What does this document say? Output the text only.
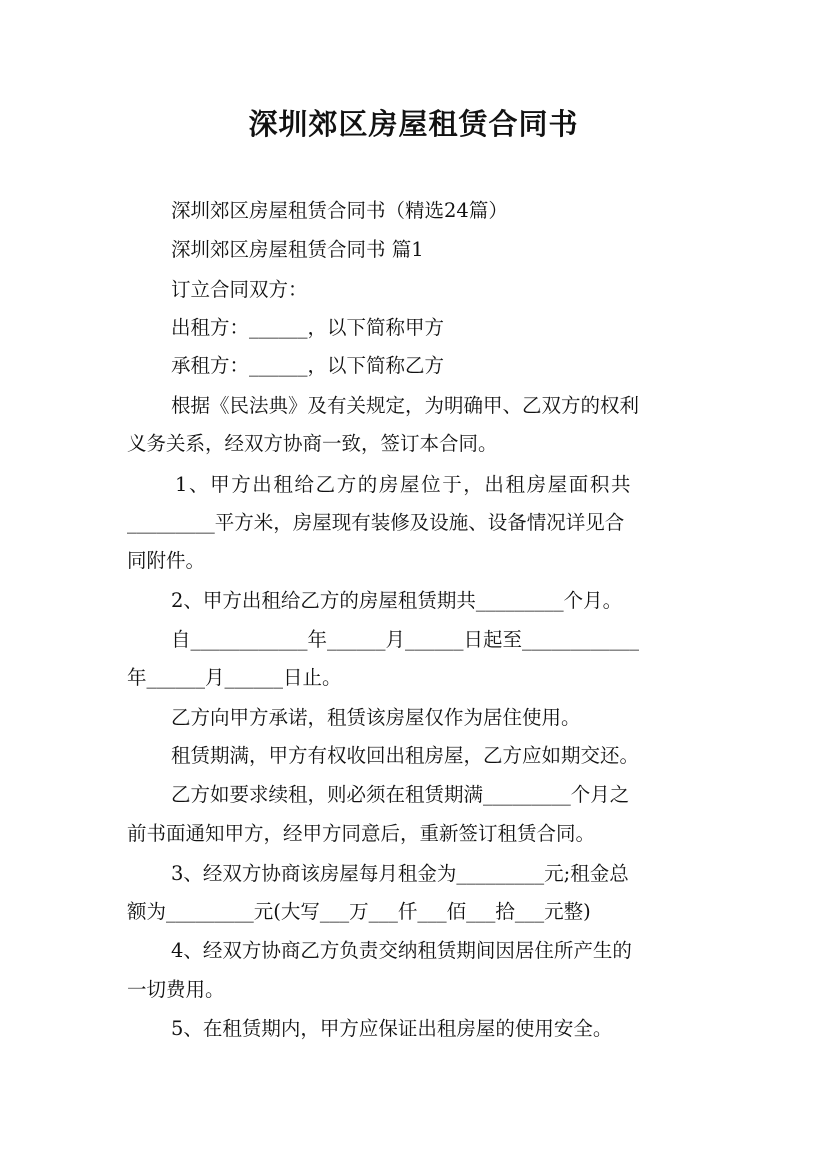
深圳郊区房屋租赁合同书
深圳郊区房屋租赁合同书（精选24篇）
深圳郊区房屋租赁合同书 篇1
订立合同双方：
出租方：______，以下简称甲方
承租方：______，以下简称乙方
根据《民法典》及有关规定，为明确甲、乙双方的权利
义务关系，经双方协商一致，签订本合同。
1、甲方出租给乙方的房屋位于，出租房屋面积共
_________平方米，房屋现有装修及设施、设备情况详见合
同附件。
2、甲方出租给乙方的房屋租赁期共_________个月。
自____________年______月______日起至____________
年______月______日止。
乙方向甲方承诺，租赁该房屋仅作为居住使用。
租赁期满，甲方有权收回出租房屋，乙方应如期交还。
乙方如要求续租，则必须在租赁期满_________个月之
前书面通知甲方，经甲方同意后，重新签订租赁合同。
3、经双方协商该房屋每月租金为_________元;租金总
额为_________元(大写___万___仟___佰___拾___元整)
4、经双方协商乙方负责交纳租赁期间因居住所产生的
一切费用。
5、在租赁期内，甲方应保证出租房屋的使用安全。
